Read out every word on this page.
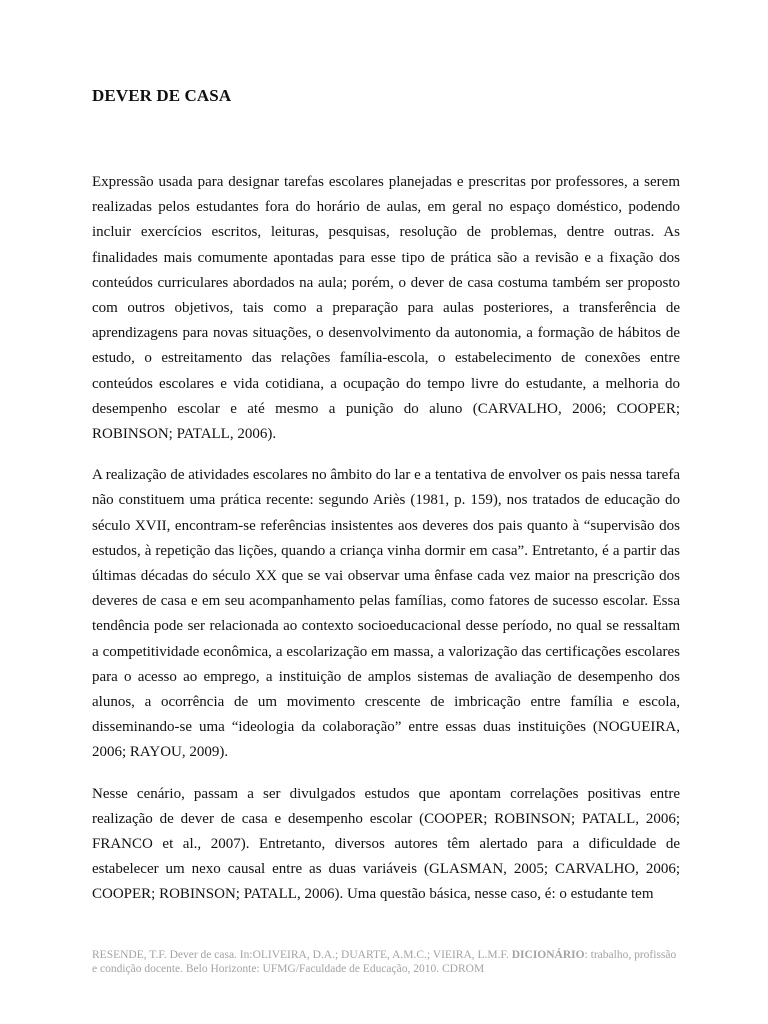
DEVER DE CASA

Expressão usada para designar tarefas escolares planejadas e prescritas por professores, a serem realizadas pelos estudantes fora do horário de aulas, em geral no espaço doméstico, podendo incluir exercícios escritos, leituras, pesquisas, resolução de problemas, dentre outras. As finalidades mais comumente apontadas para esse tipo de prática são a revisão e a fixação dos conteúdos curriculares abordados na aula; porém, o dever de casa costuma também ser proposto com outros objetivos, tais como a preparação para aulas posteriores, a transferência de aprendizagens para novas situações, o desenvolvimento da autonomia, a formação de hábitos de estudo, o estreitamento das relações família-escola, o estabelecimento de conexões entre conteúdos escolares e vida cotidiana, a ocupação do tempo livre do estudante, a melhoria do desempenho escolar e até mesmo a punição do aluno (CARVALHO, 2006; COOPER; ROBINSON; PATALL, 2006).

A realização de atividades escolares no âmbito do lar e a tentativa de envolver os pais nessa tarefa não constituem uma prática recente: segundo Ariès (1981, p. 159), nos tratados de educação do século XVII, encontram-se referências insistentes aos deveres dos pais quanto à “supervisão dos estudos, à repetição das lições, quando a criança vinha dormir em casa”. Entretanto, é a partir das últimas décadas do século XX que se vai observar uma ênfase cada vez maior na prescrição dos deveres de casa e em seu acompanhamento pelas famílias, como fatores de sucesso escolar. Essa tendência pode ser relacionada ao contexto socioeducacional desse período, no qual se ressaltam a competitividade econômica, a escolarização em massa, a valorização das certificações escolares para o acesso ao emprego, a instituição de amplos sistemas de avaliação de desempenho dos alunos, a ocorrência de um movimento crescente de imbricação entre família e escola, disseminando-se uma “ideologia da colaboração” entre essas duas instituições (NOGUEIRA, 2006; RAYOU, 2009).

Nesse cenário, passam a ser divulgados estudos que apontam correlações positivas entre realização de dever de casa e desempenho escolar (COOPER; ROBINSON; PATALL, 2006; FRANCO et al., 2007). Entretanto, diversos autores têm alertado para a dificuldade de estabelecer um nexo causal entre as duas variáveis (GLASMAN, 2005; CARVALHO, 2006; COOPER; ROBINSON; PATALL, 2006). Uma questão básica, nesse caso, é: o estudante tem

RESENDE, T.F. Dever de casa. In:OLIVEIRA, D.A.; DUARTE, A.M.C.; VIEIRA, L.M.F. DICIONÁRIO: trabalho, profissão e condição docente. Belo Horizonte: UFMG/Faculdade de Educação, 2010. CDROM
